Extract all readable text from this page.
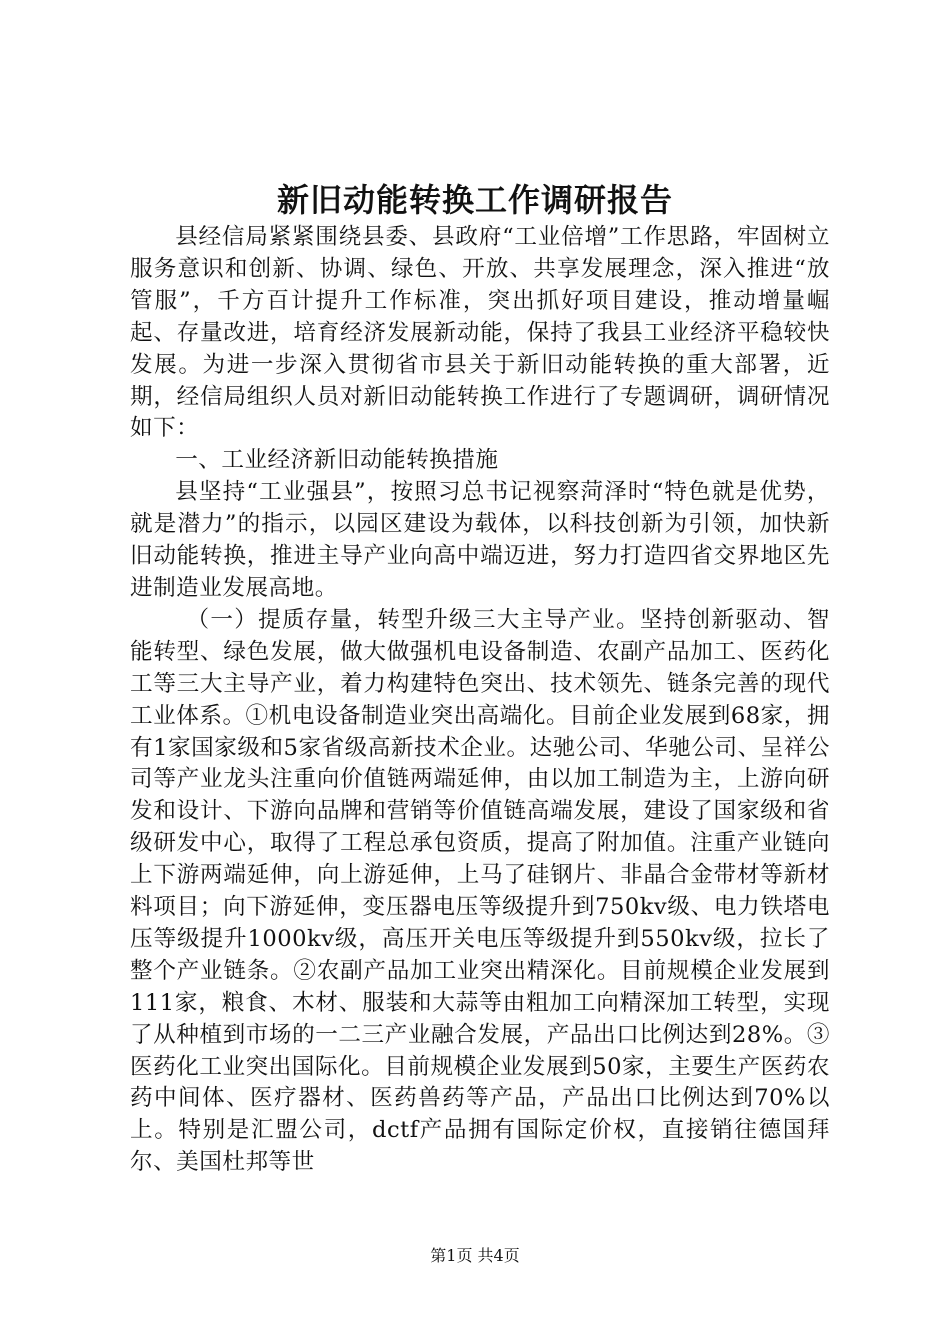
新旧动能转换工作调研报告

县经信局紧紧围绕县委、县政府“工业倍增”工作思路，牢固树立服务意识和创新、协调、绿色、开放、共享发展理念，深入推进“放管服”，千方百计提升工作标准，突出抓好项目建设，推动增量崛起、存量改进，培育经济发展新动能，保持了我县工业经济平稳较快发展。为进一步深入贯彻省市县关于新旧动能转换的重大部署，近期，经信局组织人员对新旧动能转换工作进行了专题调研，调研情况如下：

一、工业经济新旧动能转换措施

县坚持“工业强县”，按照习总书记视察菏泽时“特色就是优势，就是潜力”的指示，以园区建设为载体，以科技创新为引领，加快新旧动能转换，推进主导产业向高中端迈进，努力打造四省交界地区先进制造业发展高地。

（一）提质存量，转型升级三大主导产业。坚持创新驱动、智能转型、绿色发展，做大做强机电设备制造、农副产品加工、医药化工等三大主导产业，着力构建特色突出、技术领先、链条完善的现代工业体系。①机电设备制造业突出高端化。目前企业发展到68家，拥有1家国家级和5家省级高新技术企业。达驰公司、华驰公司、呈祥公司等产业龙头注重向价值链两端延伸，由以加工制造为主，上游向研发和设计、下游向品牌和营销等价值链高端发展，建设了国家级和省级研发中心，取得了工程总承包资质，提高了附加值。注重产业链向上下游两端延伸，向上游延伸，上马了硅钢片、非晶合金带材等新材料项目；向下游延伸，变压器电压等级提升到750kv级、电力铁塔电压等级提升1000kv级，高压开关电压等级提升到550kv级，拉长了整个产业链条。②农副产品加工业突出精深化。目前规模企业发展到111家，粮食、木材、服装和大蒜等由粗加工向精深加工转型，实现了从种植到市场的一二三产业融合发展，产品出口比例达到28%。③医药化工业突出国际化。目前规模企业发展到50家，主要生产医药农药中间体、医疗器材、医药兽药等产品，产品出口比例达到70%以上。特别是汇盟公司，dctf产品拥有国际定价权，直接销往德国拜尔、美国杜邦等世

第1页 共4页
